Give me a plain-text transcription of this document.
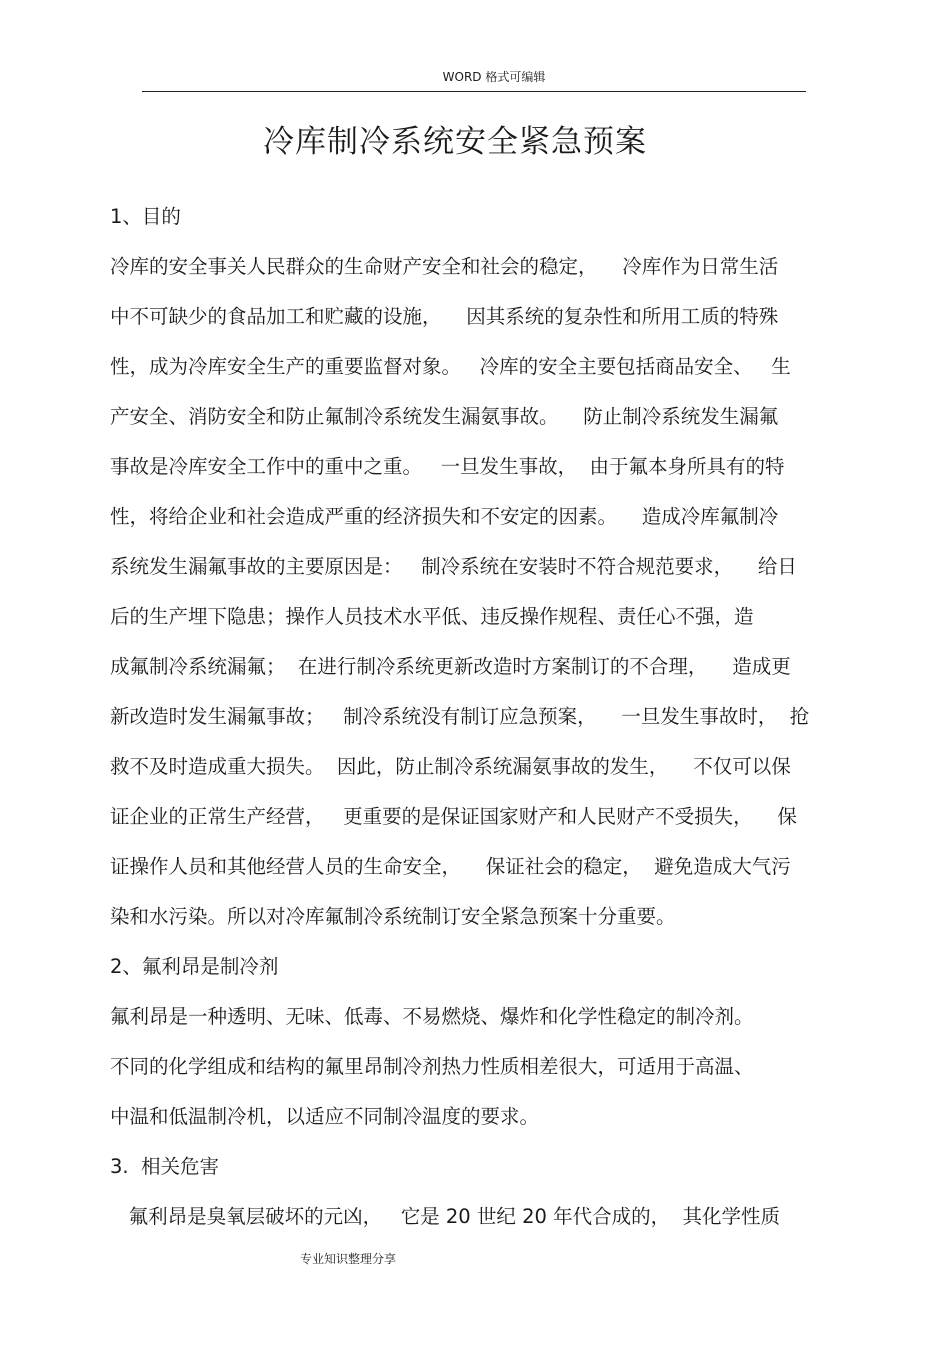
WORD 格式可编辑
冷库制冷系统安全紧急预案
1、目的
冷库的安全事关人民群众的生命财产安全和社会的稳定，    冷库作为日常生活
中不可缺少的食品加工和贮藏的设施，    因其系统的复杂性和所用工质的特殊
性，成为冷库安全生产的重要监督对象。   冷库的安全主要包括商品安全、   生
产安全、消防安全和防止氟制冷系统发生漏氨事故。    防止制冷系统发生漏氟
事故是冷库安全工作中的重中之重。   一旦发生事故，  由于氟本身所具有的特
性，将给企业和社会造成严重的经济损失和不安定的因素。    造成冷库氟制冷
系统发生漏氟事故的主要原因是：   制冷系统在安装时不符合规范要求，    给日
后的生产埋下隐患；操作人员技术水平低、违反操作规程、责任心不强，造
成氟制冷系统漏氟；  在进行制冷系统更新改造时方案制订的不合理，    造成更
新改造时发生漏氟事故；   制冷系统没有制订应急预案，    一旦发生事故时，  抢
救不及时造成重大损失。  因此，防止制冷系统漏氨事故的发生，    不仅可以保
证企业的正常生产经营，   更重要的是保证国家财产和人民财产不受损失，    保
证操作人员和其他经营人员的生命安全，    保证社会的稳定，  避免造成大气污
染和水污染。所以对冷库氟制冷系统制订安全紧急预案十分重要。
2、氟利昂是制冷剂
氟利昂是一种透明、无味、低毒、不易燃烧、爆炸和化学性稳定的制冷剂。
不同的化学组成和结构的氟里昂制冷剂热力性质相差很大，可适用于高温、
中温和低温制冷机，以适应不同制冷温度的要求。
3.  相关危害
氟利昂是臭氧层破坏的元凶，   它是 20 世纪 20 年代合成的，  其化学性质
专业知识整理分享
